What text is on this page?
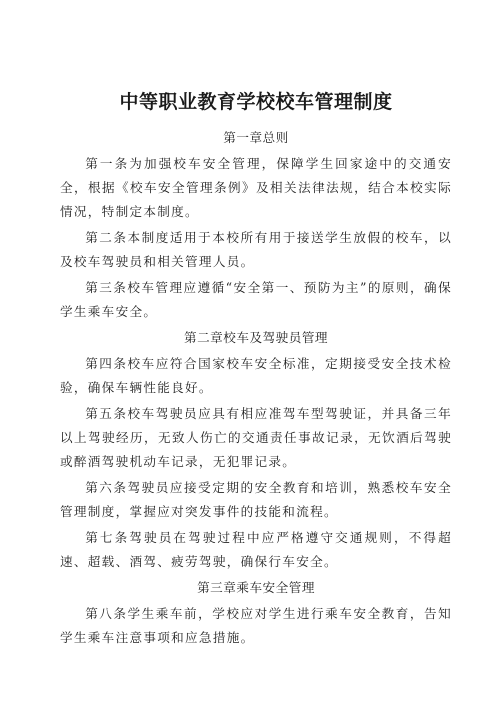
中等职业教育学校校车管理制度
第一章总则

第一条为加强校车安全管理，保障学生回家途中的交通安全，根据《校车安全管理条例》及相关法律法规，结合本校实际情况，特制定本制度。

第二条本制度适用于本校所有用于接送学生放假的校车，以及校车驾驶员和相关管理人员。

第三条校车管理应遵循“安全第一、预防为主”的原则，确保学生乘车安全。

第二章校车及驾驶员管理

第四条校车应符合国家校车安全标准，定期接受安全技术检验，确保车辆性能良好。

第五条校车驾驶员应具有相应准驾车型驾驶证，并具备三年以上驾驶经历，无致人伤亡的交通责任事故记录，无饮酒后驾驶或醉酒驾驶机动车记录，无犯罪记录。

第六条驾驶员应接受定期的安全教育和培训，熟悉校车安全管理制度，掌握应对突发事件的技能和流程。

第七条驾驶员在驾驶过程中应严格遵守交通规则，不得超速、超载、酒驾、疲劳驾驶，确保行车安全。

第三章乘车安全管理

第八条学生乘车前，学校应对学生进行乘车安全教育，告知学生乘车注意事项和应急措施。
